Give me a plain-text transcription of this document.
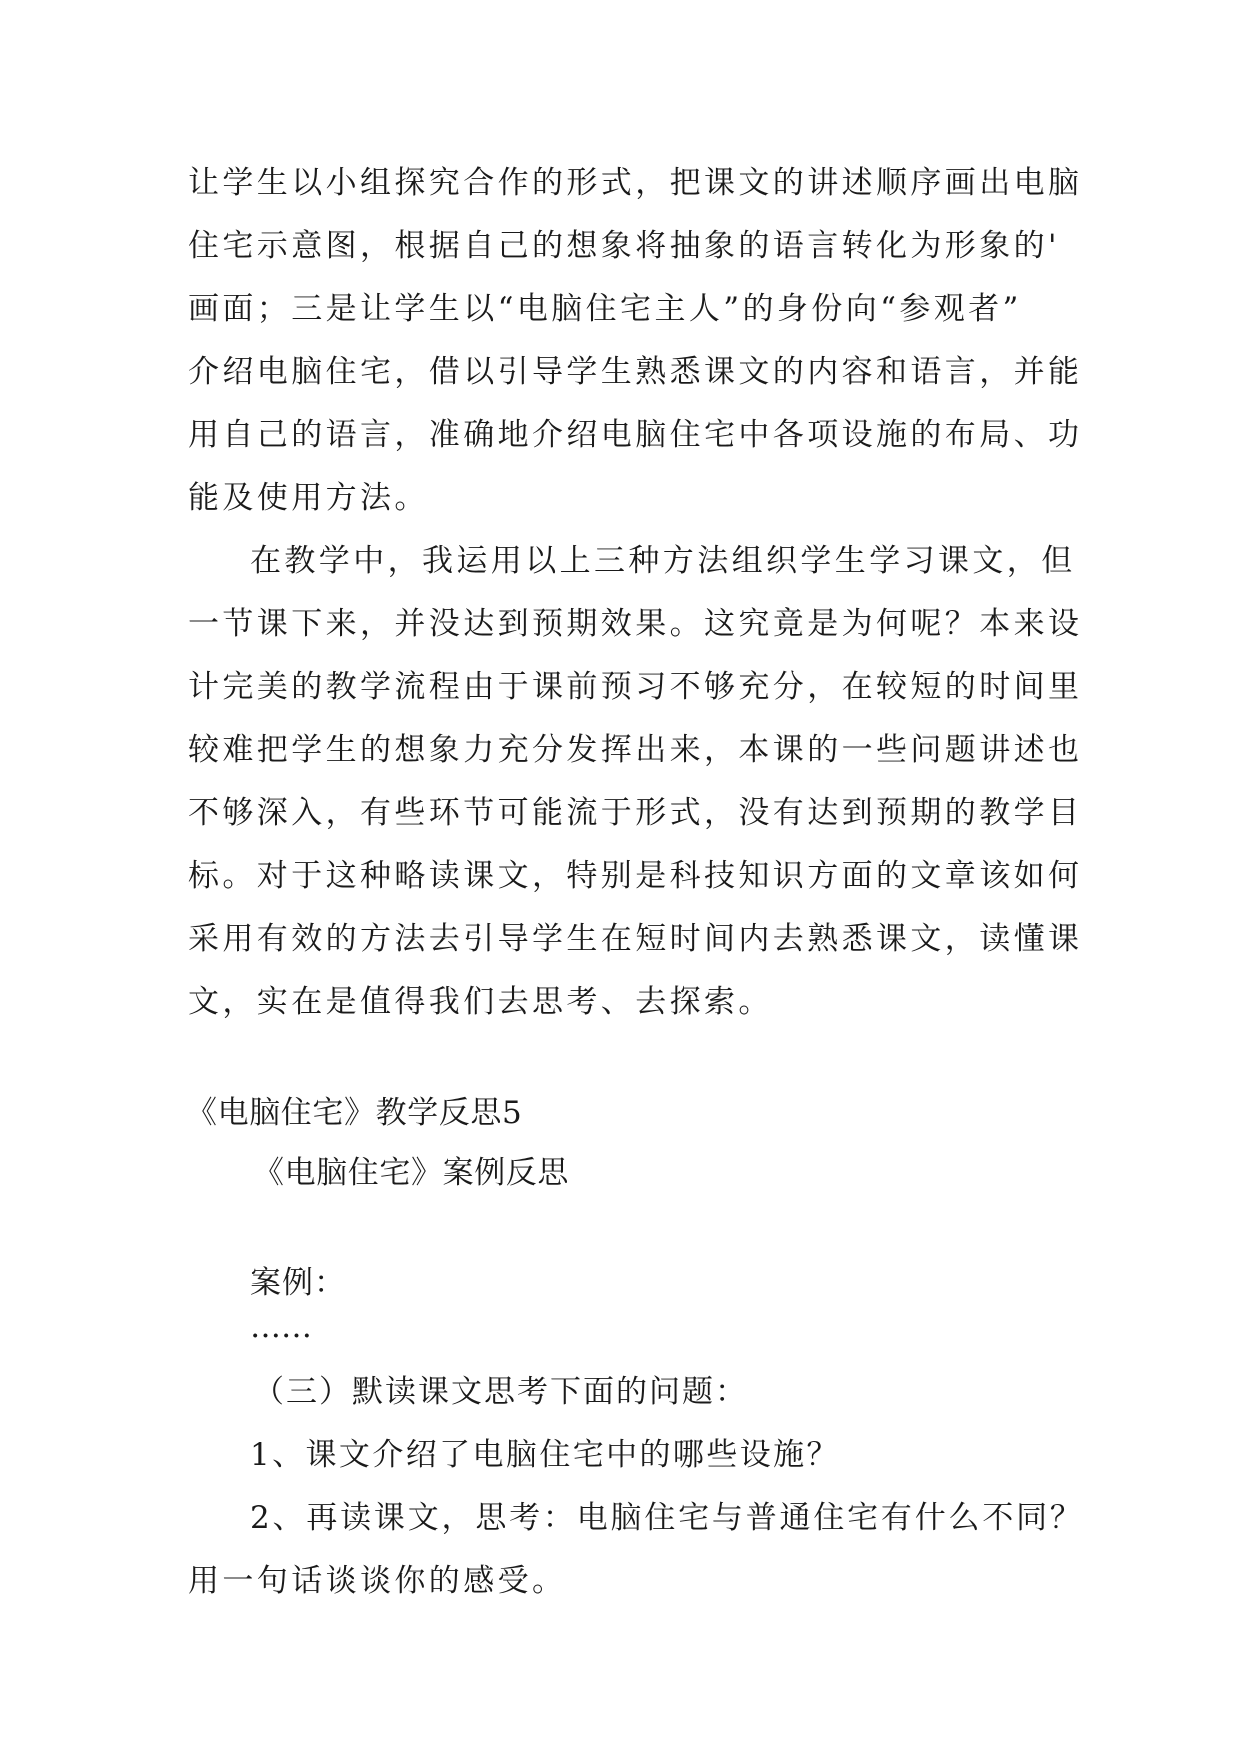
让学生以小组探究合作的形式，把课文的讲述顺序画出电脑
住宅示意图，根据自己的想象将抽象的语言转化为形象的'
画面；三是让学生以“电脑住宅主人”的身份向“参观者”
介绍电脑住宅，借以引导学生熟悉课文的内容和语言，并能
用自己的语言，准确地介绍电脑住宅中各项设施的布局、功
能及使用方法。
在教学中，我运用以上三种方法组织学生学习课文，但
一节课下来，并没达到预期效果。这究竟是为何呢？本来设
计完美的教学流程由于课前预习不够充分，在较短的时间里
较难把学生的想象力充分发挥出来，本课的一些问题讲述也
不够深入，有些环节可能流于形式，没有达到预期的教学目
标。对于这种略读课文，特别是科技知识方面的文章该如何
采用有效的方法去引导学生在短时间内去熟悉课文，读懂课
文，实在是值得我们去思考、去探索。
《电脑住宅》教学反思5
《电脑住宅》案例反思
案例：
……
（三）默读课文思考下面的问题：
1、课文介绍了电脑住宅中的哪些设施？
2、再读课文，思考：电脑住宅与普通住宅有什么不同？
用一句话谈谈你的感受。
